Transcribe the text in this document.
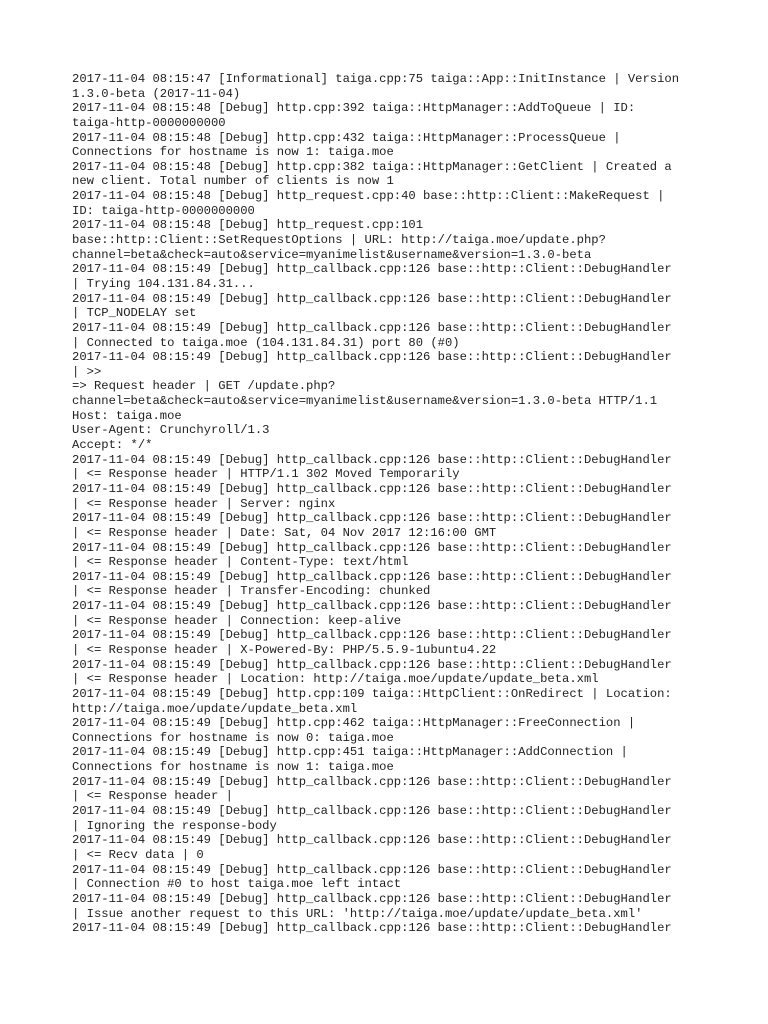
2017-11-04 08:15:47 [Informational] taiga.cpp:75 taiga::App::InitInstance | Version
1.3.0-beta (2017-11-04)
2017-11-04 08:15:48 [Debug] http.cpp:392 taiga::HttpManager::AddToQueue | ID:
taiga-http-0000000000
2017-11-04 08:15:48 [Debug] http.cpp:432 taiga::HttpManager::ProcessQueue |
Connections for hostname is now 1: taiga.moe
2017-11-04 08:15:48 [Debug] http.cpp:382 taiga::HttpManager::GetClient | Created a
new client. Total number of clients is now 1
2017-11-04 08:15:48 [Debug] http_request.cpp:40 base::http::Client::MakeRequest |
ID: taiga-http-0000000000
2017-11-04 08:15:48 [Debug] http_request.cpp:101
base::http::Client::SetRequestOptions | URL: http://taiga.moe/update.php?
channel=beta&check=auto&service=myanimelist&username&version=1.3.0-beta
2017-11-04 08:15:49 [Debug] http_callback.cpp:126 base::http::Client::DebugHandler
| Trying 104.131.84.31...
2017-11-04 08:15:49 [Debug] http_callback.cpp:126 base::http::Client::DebugHandler
| TCP_NODELAY set
2017-11-04 08:15:49 [Debug] http_callback.cpp:126 base::http::Client::DebugHandler
| Connected to taiga.moe (104.131.84.31) port 80 (#0)
2017-11-04 08:15:49 [Debug] http_callback.cpp:126 base::http::Client::DebugHandler
| >>
=> Request header | GET /update.php?
channel=beta&check=auto&service=myanimelist&username&version=1.3.0-beta HTTP/1.1
Host: taiga.moe
User-Agent: Crunchyroll/1.3
Accept: */*
2017-11-04 08:15:49 [Debug] http_callback.cpp:126 base::http::Client::DebugHandler
| <= Response header | HTTP/1.1 302 Moved Temporarily
2017-11-04 08:15:49 [Debug] http_callback.cpp:126 base::http::Client::DebugHandler
| <= Response header | Server: nginx
2017-11-04 08:15:49 [Debug] http_callback.cpp:126 base::http::Client::DebugHandler
| <= Response header | Date: Sat, 04 Nov 2017 12:16:00 GMT
2017-11-04 08:15:49 [Debug] http_callback.cpp:126 base::http::Client::DebugHandler
| <= Response header | Content-Type: text/html
2017-11-04 08:15:49 [Debug] http_callback.cpp:126 base::http::Client::DebugHandler
| <= Response header | Transfer-Encoding: chunked
2017-11-04 08:15:49 [Debug] http_callback.cpp:126 base::http::Client::DebugHandler
| <= Response header | Connection: keep-alive
2017-11-04 08:15:49 [Debug] http_callback.cpp:126 base::http::Client::DebugHandler
| <= Response header | X-Powered-By: PHP/5.5.9-1ubuntu4.22
2017-11-04 08:15:49 [Debug] http_callback.cpp:126 base::http::Client::DebugHandler
| <= Response header | Location: http://taiga.moe/update/update_beta.xml
2017-11-04 08:15:49 [Debug] http.cpp:109 taiga::HttpClient::OnRedirect | Location:
http://taiga.moe/update/update_beta.xml
2017-11-04 08:15:49 [Debug] http.cpp:462 taiga::HttpManager::FreeConnection |
Connections for hostname is now 0: taiga.moe
2017-11-04 08:15:49 [Debug] http.cpp:451 taiga::HttpManager::AddConnection |
Connections for hostname is now 1: taiga.moe
2017-11-04 08:15:49 [Debug] http_callback.cpp:126 base::http::Client::DebugHandler
| <= Response header |
2017-11-04 08:15:49 [Debug] http_callback.cpp:126 base::http::Client::DebugHandler
| Ignoring the response-body
2017-11-04 08:15:49 [Debug] http_callback.cpp:126 base::http::Client::DebugHandler
| <= Recv data | 0
2017-11-04 08:15:49 [Debug] http_callback.cpp:126 base::http::Client::DebugHandler
| Connection #0 to host taiga.moe left intact
2017-11-04 08:15:49 [Debug] http_callback.cpp:126 base::http::Client::DebugHandler
| Issue another request to this URL: 'http://taiga.moe/update/update_beta.xml'
2017-11-04 08:15:49 [Debug] http_callback.cpp:126 base::http::Client::DebugHandler
